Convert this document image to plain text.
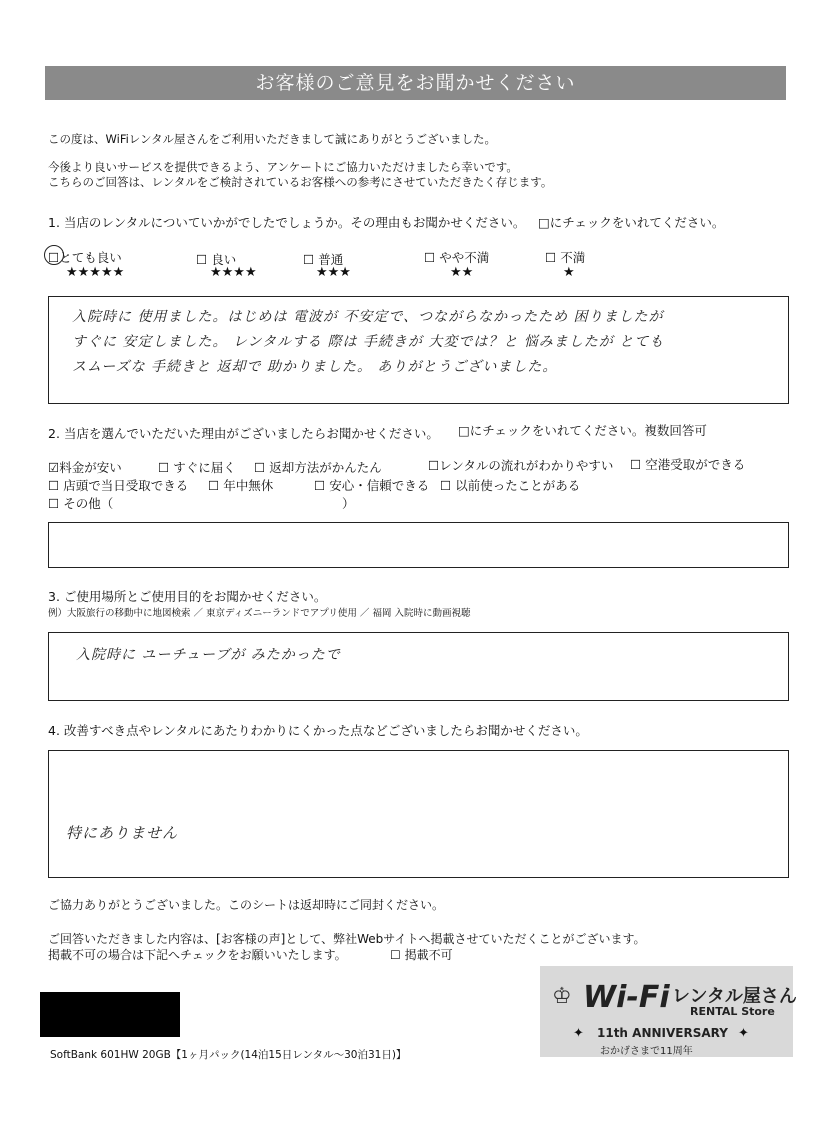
お客様のご意見をお聞かせください
この度は、WiFiレンタル屋さんをご利用いただきまして誠にありがとうございました。
今後より良いサービスを提供できるよう、アンケートにご協力いただけましたら幸いです。
こちらのご回答は、レンタルをご検討されているお客様への参考にさせていただきたく存じます。
1. 当店のレンタルについていかがでしたでしょうか。その理由もお聞かせください。 □にチェックをいれてください。
☐とても良い
★★★★★
☐ 良い
★★★★
☐ 普通
★★★
☐ やや不満
★★
☐ 不満
★
入院時に 使用ました。はじめは 電波が 不安定で、つながらなかったため 困りましたが
すぐに 安定しました。 レンタルする 際は 手続きが 大変では？と 悩みましたが とても
スムーズな 手続きと 返却で 助かりました。 ありがとうございました。
2. 当店を選んでいただいた理由がございましたらお聞かせください。 □にチェックをいれてください。複数回答可
☑料金が安い	☐ すぐに届く ☐ 返却方法がかんたん	☐レンタルの流れがわかりやすい ☐ 空港受取ができる
☐ 店頭で当日受取できる ☐ 年中無休	☐ 安心・信頼できる ☐ 以前使ったことがある
☐ その他（	）
3. ご使用場所とご使用目的をお聞かせください。
例）大阪旅行の移動中に地図検索 ／ 東京ディズニーランドでアプリ使用 ／ 福岡 入院時に動画視聴
入院時に ユーチューブが みたかったで
4. 改善すべき点やレンタルにあたりわかりにくかった点などございましたらお聞かせください。
特にありません
ご協力ありがとうございました。このシートは返却時にご同封ください。
ご回答いただきました内容は、[お客様の声]として、弊社Webサイトへ掲載させていただくことがございます。
掲載不可の場合は下記へチェックをお願いいたします。	☐ 掲載不可
♔ Wi-Fi レンタル屋さん
RENTAL Store
✦ 11th ANNIVERSARY ✦
おかげさまで11周年
SoftBank 601HW 20GB【1ヶ月パック(14泊15日レンタル～30泊31日)】
